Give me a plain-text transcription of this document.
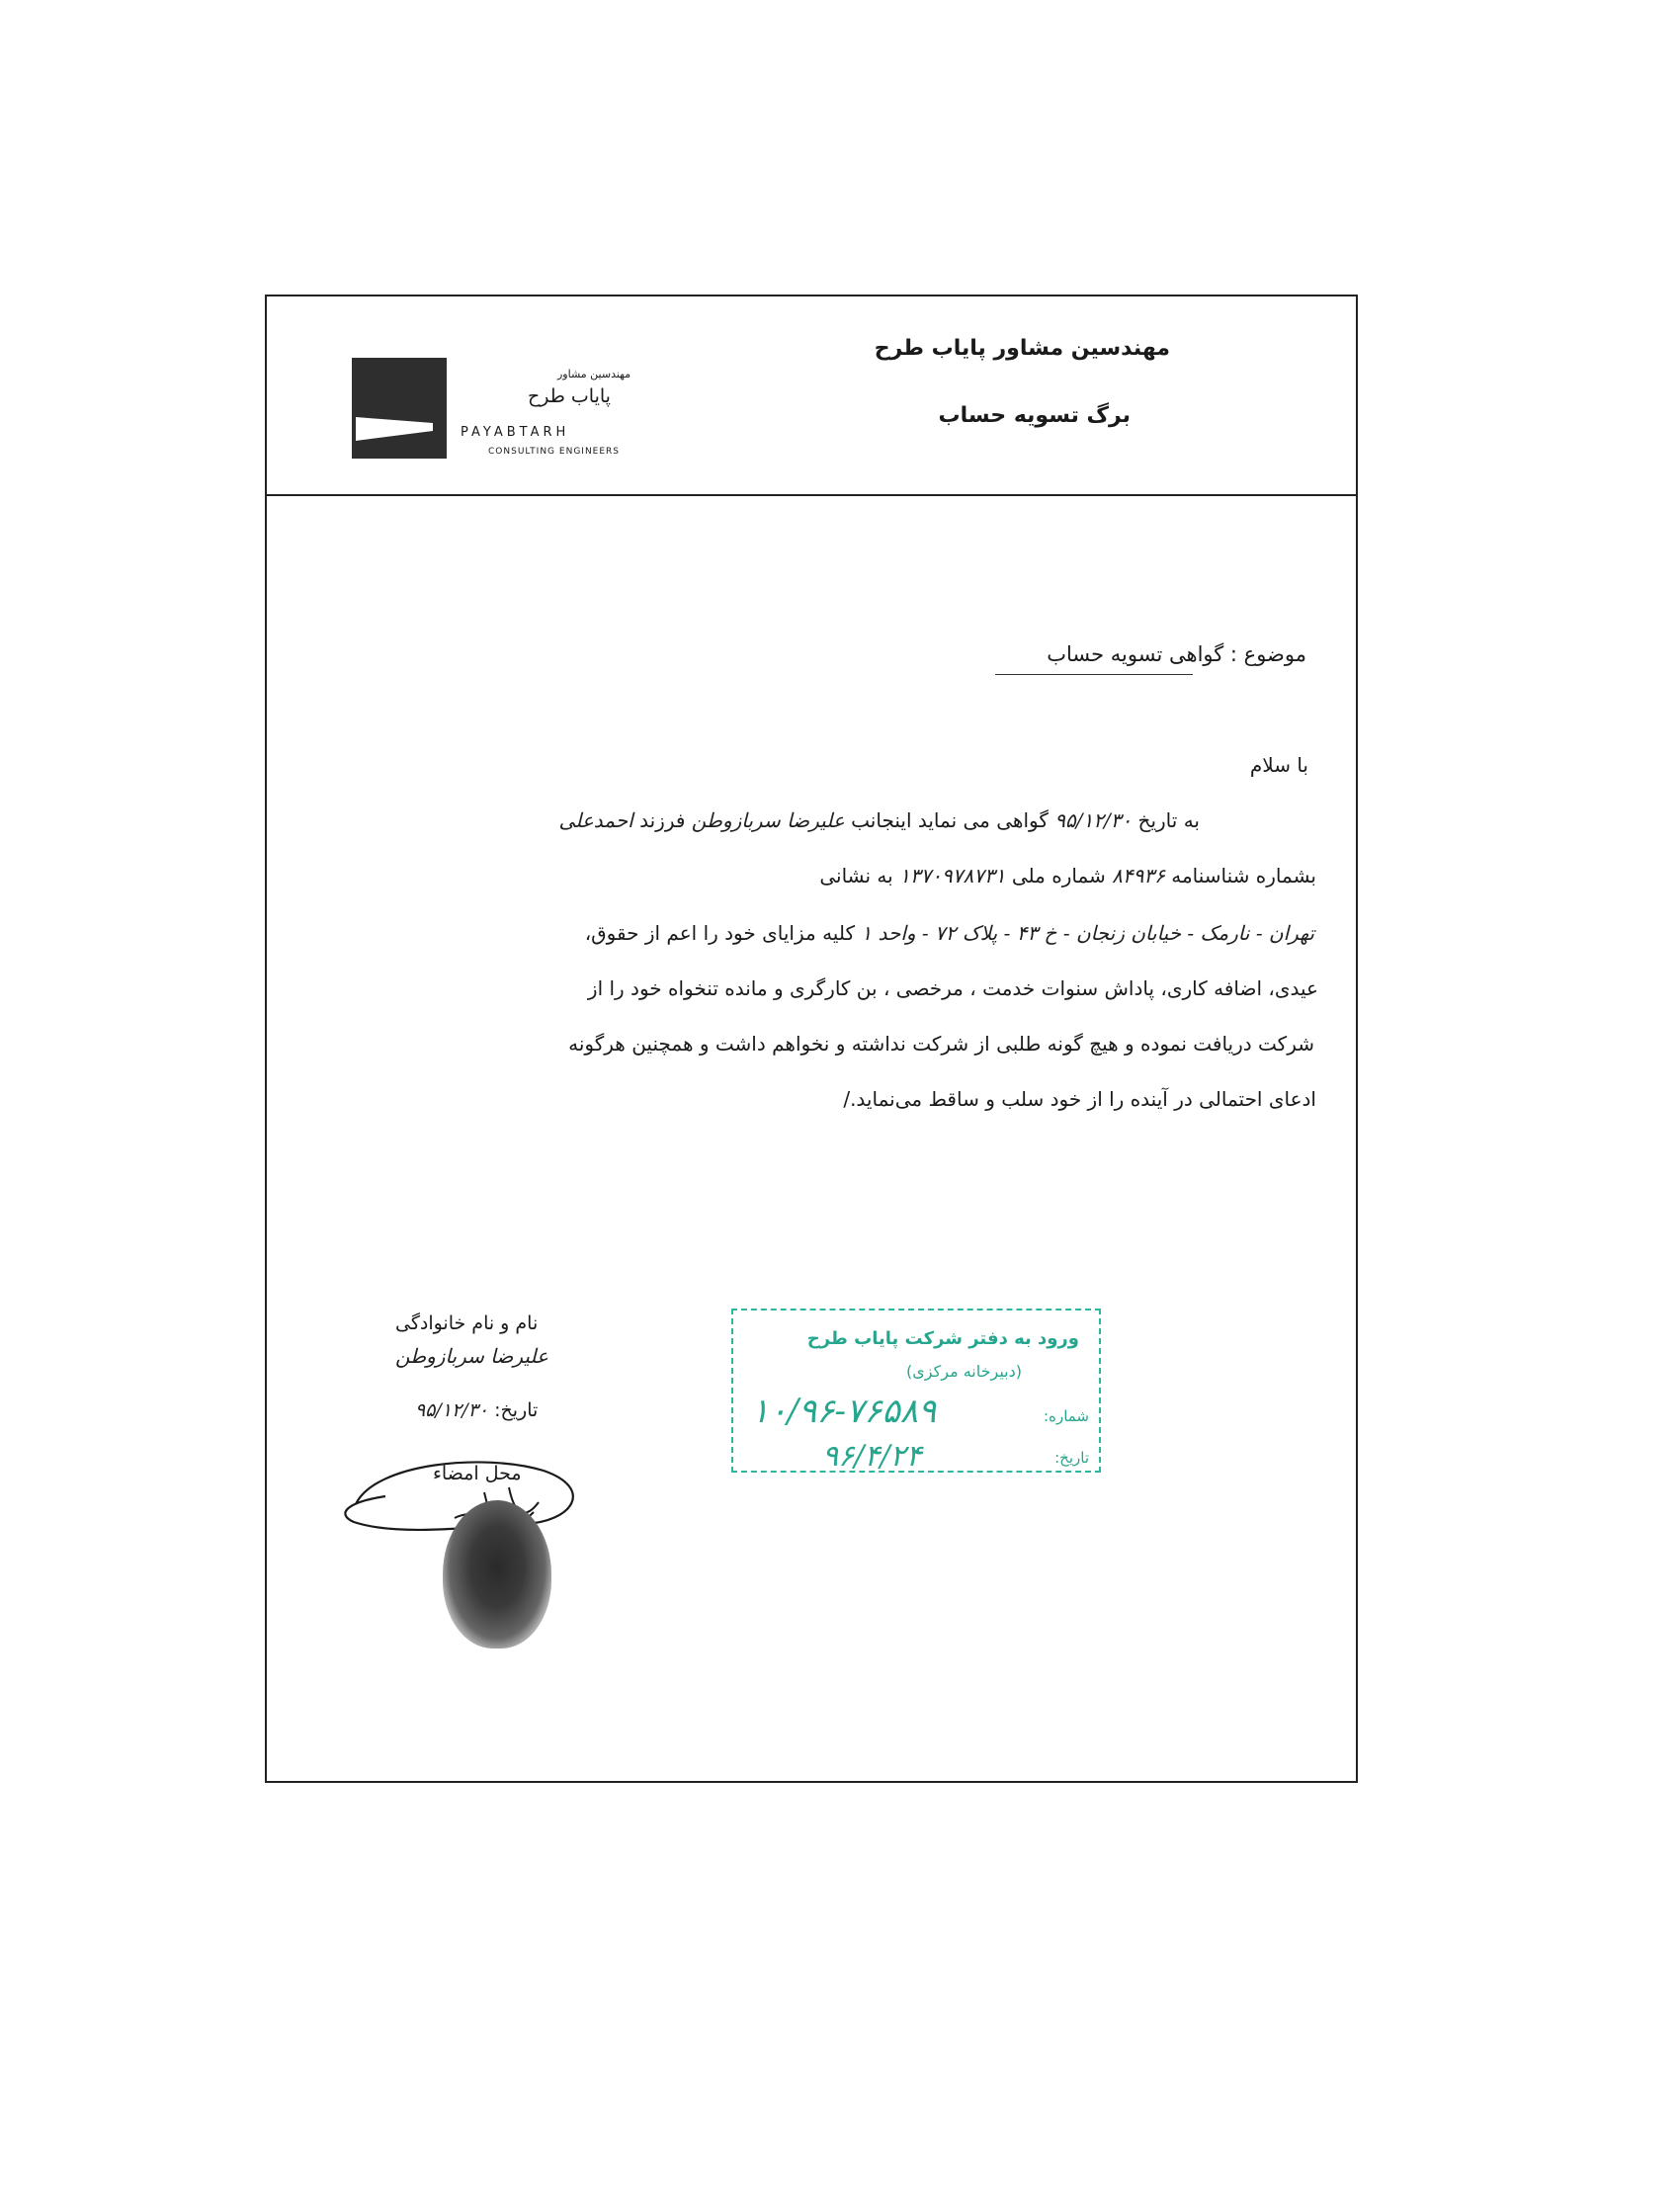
مهندسین مشاور پایاب طرح
برگ تسویه حساب
مهندسین مشاور
پایاب طرح
PAYABTARH
CONSULTING ENGINEERS
موضوع : گواهی تسویه حساب
با سلام
به تاریخ ۹۵/۱۲/۳۰ گواهی می نماید اینجانب علیرضا سربازوطن فرزند احمدعلی
بشماره شناسنامه ۸۴۹۳۶ شماره ملی ۱۳۷۰۹۷۸۷۳۱ به نشانی
تهران - نارمک - خیابان زنجان - خ ۴۳ - پلاک ۷۲ - واحد ۱ کلیه مزایای خود را اعم از حقوق،
عیدی، اضافه کاری، پاداش سنوات خدمت ، مرخصی ، بن کارگری و مانده تنخواه خود را از
شرکت دریافت نموده و هیچ گونه طلبی از شرکت نداشته و نخواهم داشت و همچنین هرگونه
ادعای احتمالی در آینده را از خود سلب و ساقط می‌نماید./
ورود به دفتر شرکت پایاب طرح
(دبیرخانه مرکزی)
شماره:
تاریخ:
۱۰/۹۶-۷۶۵۸۹
۹۶/۴/۲۴
نام و نام خانوادگی
علیرضا سربازوطن
تاریخ: ۹۵/۱۲/۳۰
محل امضاء
